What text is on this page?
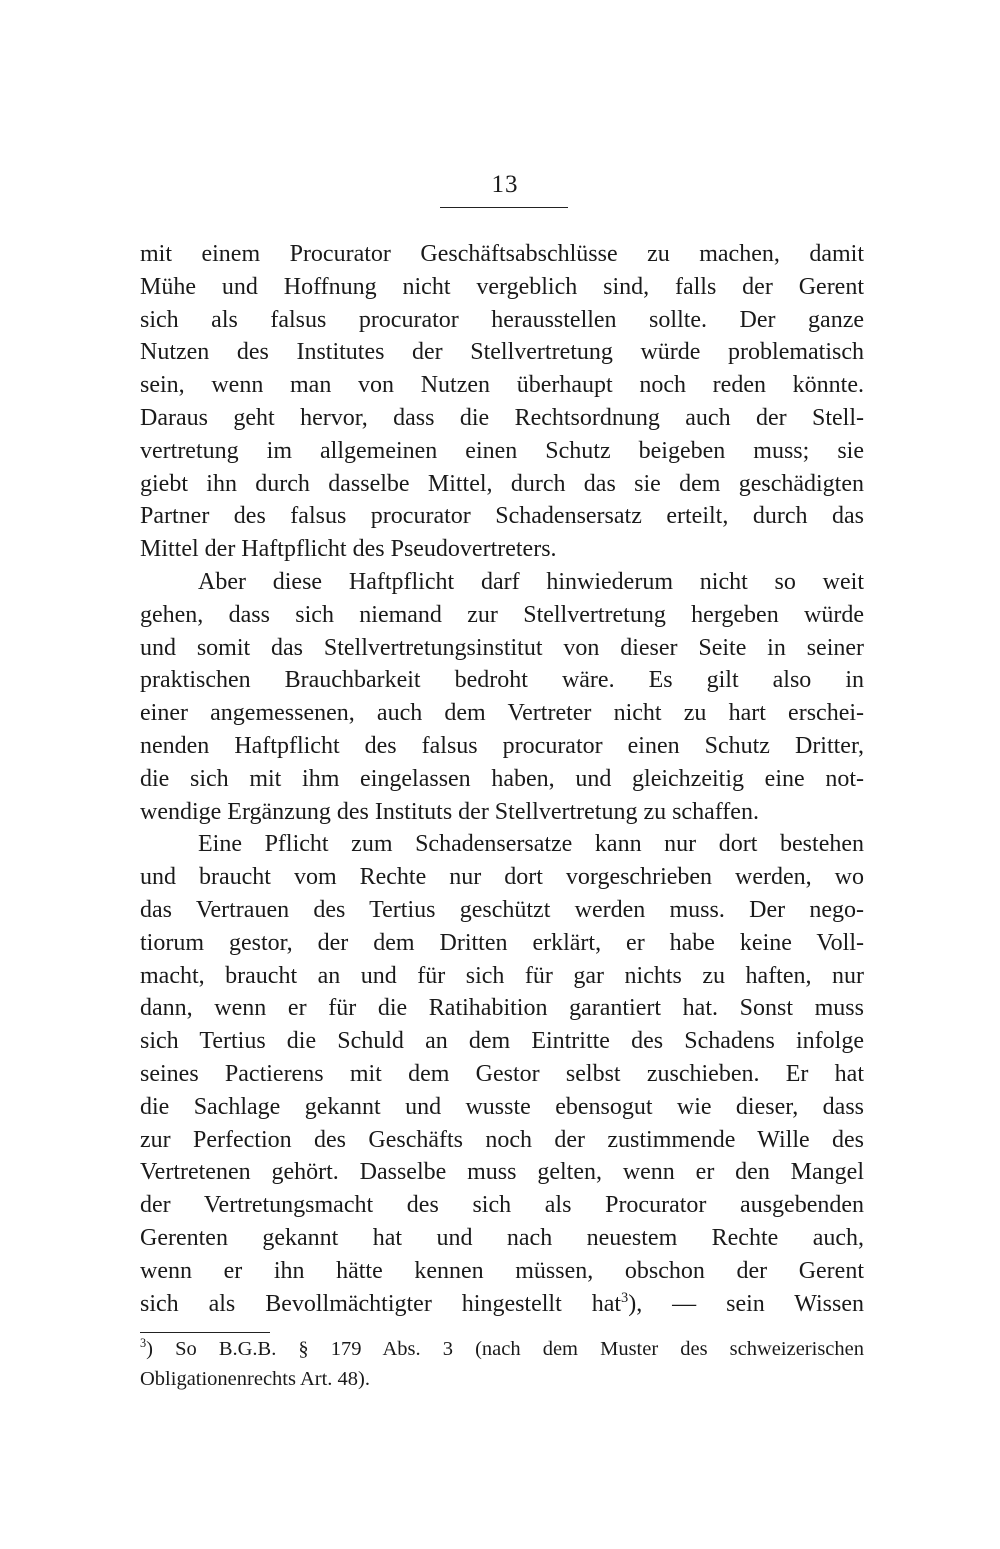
13
mit einem Procurator Geschäftsabschlüsse zu machen, damit
Mühe und Hoffnung nicht vergeblich sind, falls der Gerent
sich als falsus procurator herausstellen sollte. Der ganze
Nutzen des Institutes der Stellvertretung würde problematisch
sein, wenn man von Nutzen überhaupt noch reden könnte.
Daraus geht hervor, dass die Rechtsordnung auch der Stell-
vertretung im allgemeinen einen Schutz beigeben muss; sie
giebt ihn durch dasselbe Mittel, durch das sie dem geschädigten
Partner des falsus procurator Schadensersatz erteilt, durch das
Mittel der Haftpflicht des Pseudovertreters.
Aber diese Haftpflicht darf hinwiederum nicht so weit
gehen, dass sich niemand zur Stellvertretung hergeben würde
und somit das Stellvertretungsinstitut von dieser Seite in seiner
praktischen Brauchbarkeit bedroht wäre. Es gilt also in
einer angemessenen, auch dem Vertreter nicht zu hart erschei-
nenden Haftpflicht des falsus procurator einen Schutz Dritter,
die sich mit ihm eingelassen haben, und gleichzeitig eine not-
wendige Ergänzung des Instituts der Stellvertretung zu schaffen.
Eine Pflicht zum Schadensersatze kann nur dort bestehen
und braucht vom Rechte nur dort vorgeschrieben werden, wo
das Vertrauen des Tertius geschützt werden muss. Der nego-
tiorum gestor, der dem Dritten erklärt, er habe keine Voll-
macht, braucht an und für sich für gar nichts zu haften, nur
dann, wenn er für die Ratihabition garantiert hat. Sonst muss
sich Tertius die Schuld an dem Eintritte des Schadens infolge
seines Pactierens mit dem Gestor selbst zuschieben. Er hat
die Sachlage gekannt und wusste ebensogut wie dieser, dass
zur Perfection des Geschäfts noch der zustimmende Wille des
Vertretenen gehört. Dasselbe muss gelten, wenn er den Mangel
der Vertretungsmacht des sich als Procurator ausgebenden
Gerenten gekannt hat und nach neuestem Rechte auch,
wenn er ihn hätte kennen müssen, obschon der Gerent
sich als Bevollmächtigter hingestellt hat$^3$), — sein Wissen
$^3$) So B.G.B. § 179 Abs. 3 (nach dem Muster des schweizerischen
Obligationenrechts Art. 48).
